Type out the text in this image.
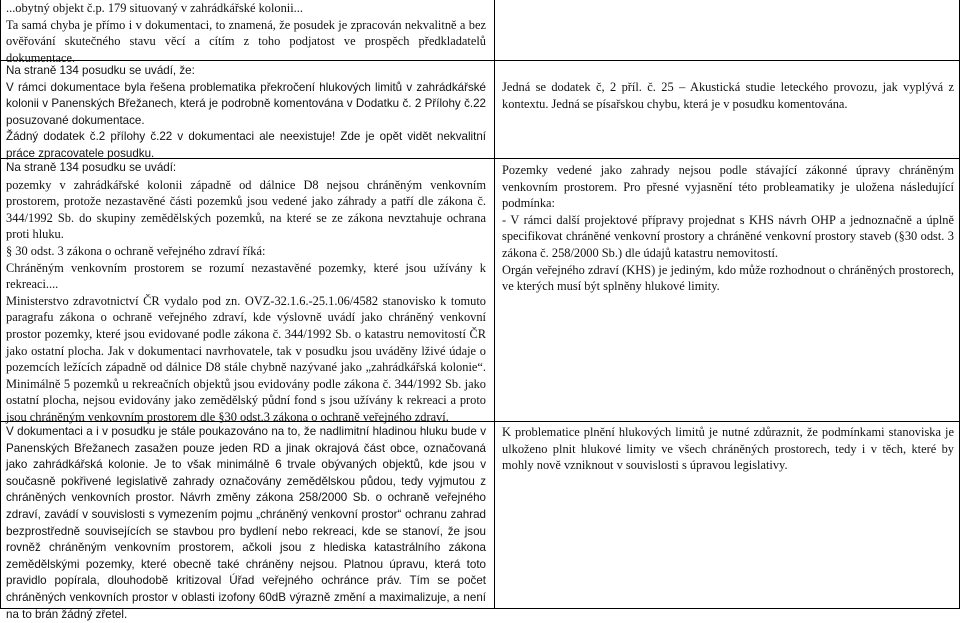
...obytný objekt č.p. 179 situovaný v zahrádkářské kolonii...

Ta samá chyba je přímo i v dokumentaci, to znamená, že posudek je zpracován nekvalitně a bez ověřování skutečného stavu věcí a cítím z toho podjatost ve prospěch předkladatelů dokumentace.

Na straně 134 posudku se uvádí, že:

V rámci dokumentace byla řešena problematika překročení hlukových limitů v zahrádkářské kolonii v Panenských Břežanech, která je podrobně komentována v Dodatku č. 2 Přílohy č.22 posuzované dokumentace.

Žádný dodatek č.2 přílohy č.22 v dokumentaci ale neexistuje! Zde je opět vidět nekvalitní práce zpracovatele posudku.

Jedná se dodatek č, 2 příl. č. 25 – Akustická studie leteckého provozu, jak vyplývá z kontextu. Jedná se písařskou chybu, která je v posudku komentována.

Na straně 134 posudku se uvádí:

pozemky v zahrádkářské kolonii západně od dálnice D8 nejsou chráněným venkovním prostorem, protože nezastavěné části pozemků jsou vedené jako záhrady a patří dle zákona č. 344/1992 Sb. do skupiny zemědělských pozemků, na které se ze zákona nevztahuje ochrana proti hluku.

§ 30 odst. 3 zákona o ochraně veřejného zdraví říká:

Chráněným venkovním prostorem se rozumí nezastavěné pozemky, které jsou užívány k rekreaci....

Ministerstvo zdravotnictví ČR vydalo pod zn. OVZ-32.1.6.-25.1.06/4582 stanovisko k tomuto paragrafu zákona o ochraně veřejného zdraví, kde výslovně uvádí jako chráněný venkovní prostor pozemky, které jsou evidované podle zákona č. 344/1992 Sb. o katastru nemovitostí ČR jako ostatní plocha. Jak v dokumentaci navrhovatele, tak v posudku jsou uváděny lživé údaje o pozemcích ležících západně od dálnice D8 stále chybně nazývané jako „zahrádkářská kolonie“. Minimálně 5 pozemků u rekreačních objektů jsou evidovány podle zákona č. 344/1992 Sb. jako ostatní plocha, nejsou evidovány jako zemědělský půdní fond s jsou užívány k rekreaci a proto jsou chráněným venkovním prostorem dle §30 odst.3 zákona o ochraně veřejného zdraví.

Pozemky vedené jako zahrady nejsou podle stávající zákonné úpravy chráněným venkovním prostorem. Pro přesné vyjasnění této probleamatiky je uložena následující podmínka:

- V rámci další projektové přípravy projednat s KHS návrh OHP a jednoznačně a úplně specifikovat chráněné venkovní prostory a chráněné venkovní prostory staveb (§30 odst. 3 zákona č. 258/2000 Sb.) dle údajů katastru nemovitostí.

Orgán veřejného zdraví (KHS) je jediným, kdo může rozhodnout o chráněných prostorech, ve kterých musí být splněny hlukové limity.

V dokumentaci a i v posudku je stále poukazováno na to, že nadlimitní hladinou hluku bude v Panenských Břežanech zasažen pouze jeden RD a jinak okrajová část obce, označovaná jako zahrádkářská kolonie. Je to však minimálně 6 trvale obývaných objektů, kde jsou v současně pokřivené legislativě zahrady označovány zemědělskou půdou, tedy vyjmutou z chráněných venkovních prostor. Návrh změny zákona 258/2000 Sb. o ochraně veřejného zdraví, zavádí v souvislosti s vymezením pojmu „chráněný venkovní prostor“ ochranu zahrad bezprostředně souvisejících se stavbou pro bydlení nebo rekreaci, kde se stanoví, že jsou rovněž chráněným venkovním prostorem, ačkoli jsou z hlediska katastrálního zákona zemědělskými pozemky, které obecně také chráněny nejsou. Platnou úpravu, která toto pravidlo popírala, dlouhodobě kritizoval Úřad veřejného ochránce práv. Tím se počet chráněných venkovních prostor v oblasti izofony 60dB výrazně změní a maximalizuje, a není na to brán žádný zřetel.

K problematice plnění hlukových limitů je nutné zdůraznit, že podmínkami stanoviska je ulkoženo plnit hlukové limity ve všech chráněných prostorech, tedy i v těch, které by mohly nově vzniknout v souvislosti s úpravou legislativy.
